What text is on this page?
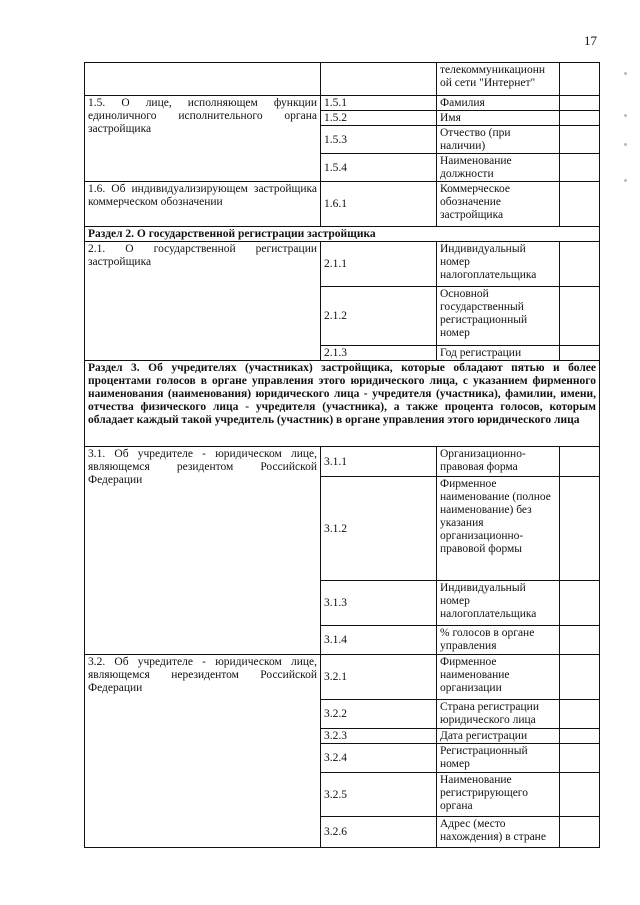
17
		телекоммуникационн ой сети "Интернет"	
1.5. О лице, исполняющем функции единоличного исполнительного органа застройщика	1.5.1	Фамилия	
	1.5.2	Имя	
	1.5.3	Отчество (при наличии)	
	1.5.4	Наименование должности	
1.6. Об индивидуализирующем застройщика коммерческом обозначении	1.6.1	Коммерческое обозначение застройщика	
Раздел 2. О государственной регистрации застройщика			
2.1. О государственной регистрации застройщика	2.1.1	Индивидуальный номер налогоплательщика	
	2.1.2	Основной государственный регистрационный номер	
	2.1.3	Год регистрации	
Раздел 3. Об учредителях (участниках) застройщика, которые обладают пятью и более процентами голосов в органе управления этого юридического лица, с указанием фирменного наименования (наименования) юридического лица - учредителя (участника), фамилии, имени, отчества физического лица - учредителя (участника), а также процента голосов, которым обладает каждый такой учредитель (участник) в органе управления этого юридического лица			
3.1. Об учредителе - юридическом лице, являющемся резидентом Российской Федерации	3.1.1	Организационно-правовая форма	
	3.1.2	Фирменное наименование (полное наименование) без указания организационно-правовой формы	
	3.1.3	Индивидуальный номер налогоплательщика	
	3.1.4	% голосов в органе управления	
3.2. Об учредителе - юридическом лице, являющемся нерезидентом Российской Федерации	3.2.1	Фирменное наименование организации	
	3.2.2	Страна регистрации юридического лица	
	3.2.3	Дата регистрации	
	3.2.4	Регистрационный номер	
	3.2.5	Наименование регистрирующего органа	
	3.2.6	Адрес (место нахождения) в стране	
